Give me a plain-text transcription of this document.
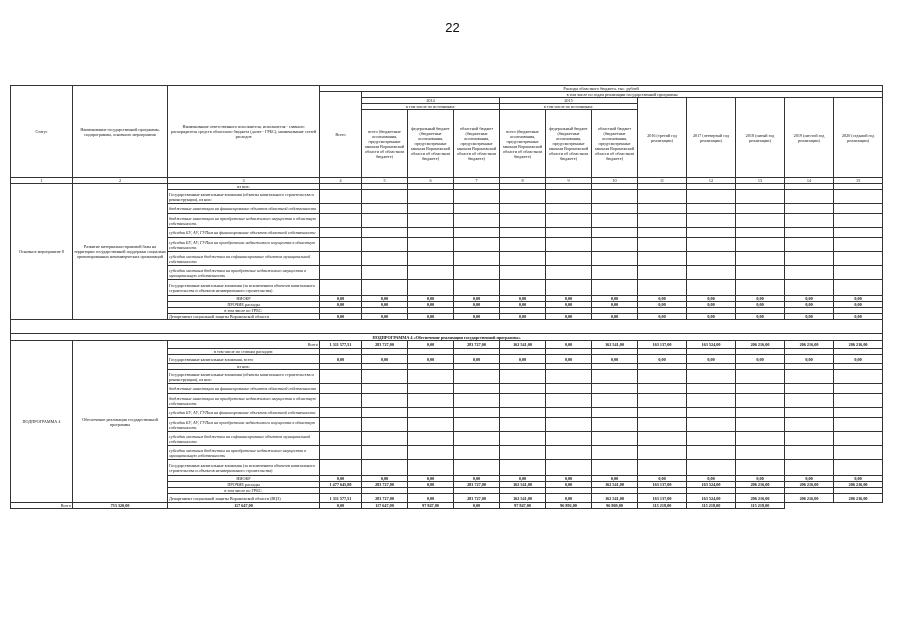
22
Статус	Наименование государственной программы, подпрограммы, основного мероприятия	Наименование ответственного исполнителя, исполнителя - главного распорядителя средств областного бюджета (далее - ГРБС), наименование статей расходов	Расходы областного бюджета, тыс. рублей											
			Всего	в том числе по годам реализации государственной программы										
				2014			2015			2016 (третий год реализации)	2017 (четвертый год реализации)	2018 (пятый год реализации)	2019 (шестой год реализации)	2020 (седьмой год реализации)
				в том числе по источникам:			в том числе по источникам:							
				всего (бюджетные ассигнования, предусмотренные законом Воронежской области об областном бюджете)	федеральный бюджет (бюджетные ассигнования, предусмотренные законом Воронежской области об областном бюджете)	областной бюджет (бюджетные ассигнования, предусмотренные законом Воронежской области об областном бюджете)	всего (бюджетные ассигнования, предусмотренные законом Воронежской области об областном бюджете)	федеральный бюджет (бюджетные ассигнования, предусмотренные законом Воронежской области об областном бюджете)	областной бюджет (бюджетные ассигнования, предусмотренные законом Воронежской области об областном бюджете)					
1	2	3	4	5	6	7	8	9	10	11	12	13	14	15
Основное мероприятие 8	Развитие материально-правовой базы на территории государственной поддержки социально ориентированных некоммерческих организаций	из них:												
		Государственные капитальные вложения (объекты капитального строительства и реконструкции), из них:												
		бюджетные инвестиции на финансирование объектов областной собственности												
		бюджетные инвестиции на приобретение недвижимого имущества в областную собственность												
		субсидии БУ, АУ, ГУПам на финансирование объектов областной собственности												
		субсидии БУ, АУ, ГУПам на приобретение недвижимого имущества в областную собственность												
		субсидии местным бюджетам на софинансирование объектов муниципальной собственности												
		субсидии местным бюджетам на приобретение недвижимого имущества в муниципальную собственность												
		Государственные капитальные вложения (за исключением объектов капитального строительства и объектов незавершенного строительства)												
		НИОКР	0,00	0,00	0,00	0,00	0,00	0,00	0,00	0,00	0,00	0,00	0,00	0,00
		ПРОЧИЕ расходы	0,00	0,00	0,00	0,00	0,00	0,00	0,00	0,00	0,00	0,00	0,00	0,00
		в том числе по ГРБС:												
		Департамент социальной защиты Воронежской области	0,00	0,00	0,00	0,00	0,00	0,00	0,00	0,00	0,00	0,00	0,00	0,00

ПОДПРОГРАММА 4 «Обеспечение реализации государственной программы»														
ПОДПРОГРАММА 4	Обеспечение реализации государственной программы	Всего	1 311 577,51	283 727,00	0,00	283 727,00	162 541,00	0,00	162 541,00	163 137,00	163 524,00	206 216,00	206 216,00	206 216,00
		в том числе по статьям расходов:												
		Государственные капитальные вложения, всего	0,00	0,00	0,00	0,00	0,00	0,00	0,00	0,00	0,00	0,00	0,00	0,00
		из них:												
		Государственные капитальные вложения (объекты капитального строительства и реконструкции), из них:												
		бюджетные инвестиции на финансирование объектов областной собственности												
		бюджетные инвестиции на приобретение недвижимого имущества в областную собственность												
		субсидии БУ, АУ, ГУПам на финансирование объектов областной собственности												
		субсидии БУ, АУ, ГУПам на приобретение недвижимого имущества в областную собственность												
		субсидии местным бюджетам на софинансирование объектов муниципальной собственности												
		субсидии местным бюджетам на приобретение недвижимого имущества в муниципальную собственность												
		Государственные капитальные вложения (за исключением объектов капитального строительства и объектов незавершенного строительства)												
		НИОКР	0,00	0,00	0,00	0,00	0,00	0,00	0,00	0,00	0,00	0,00	0,00	0,00
		ПРОЧИЕ расходы	1 477 645,80	283 727,00	0,00	283 727,00	162 541,00	0,00	162 541,00	163 137,00	163 524,00	206 216,00	206 216,00	206 216,00
		в том числе по ГРБС:												
		Департамент социальной защиты Воронежской области (ВЦЗ)	1 311 577,51	283 727,00	0,00	283 727,00	162 541,00	0,00	162 541,00	163 137,00	163 524,00	206 216,00	206 216,00	206 216,00
Всего	753 320,00	117 647,00	0,00	117 647,00	97 847,00	0,00	97 847,00	96 892,00	96 869,00	115 218,00	115 218,00	115 218,00		
